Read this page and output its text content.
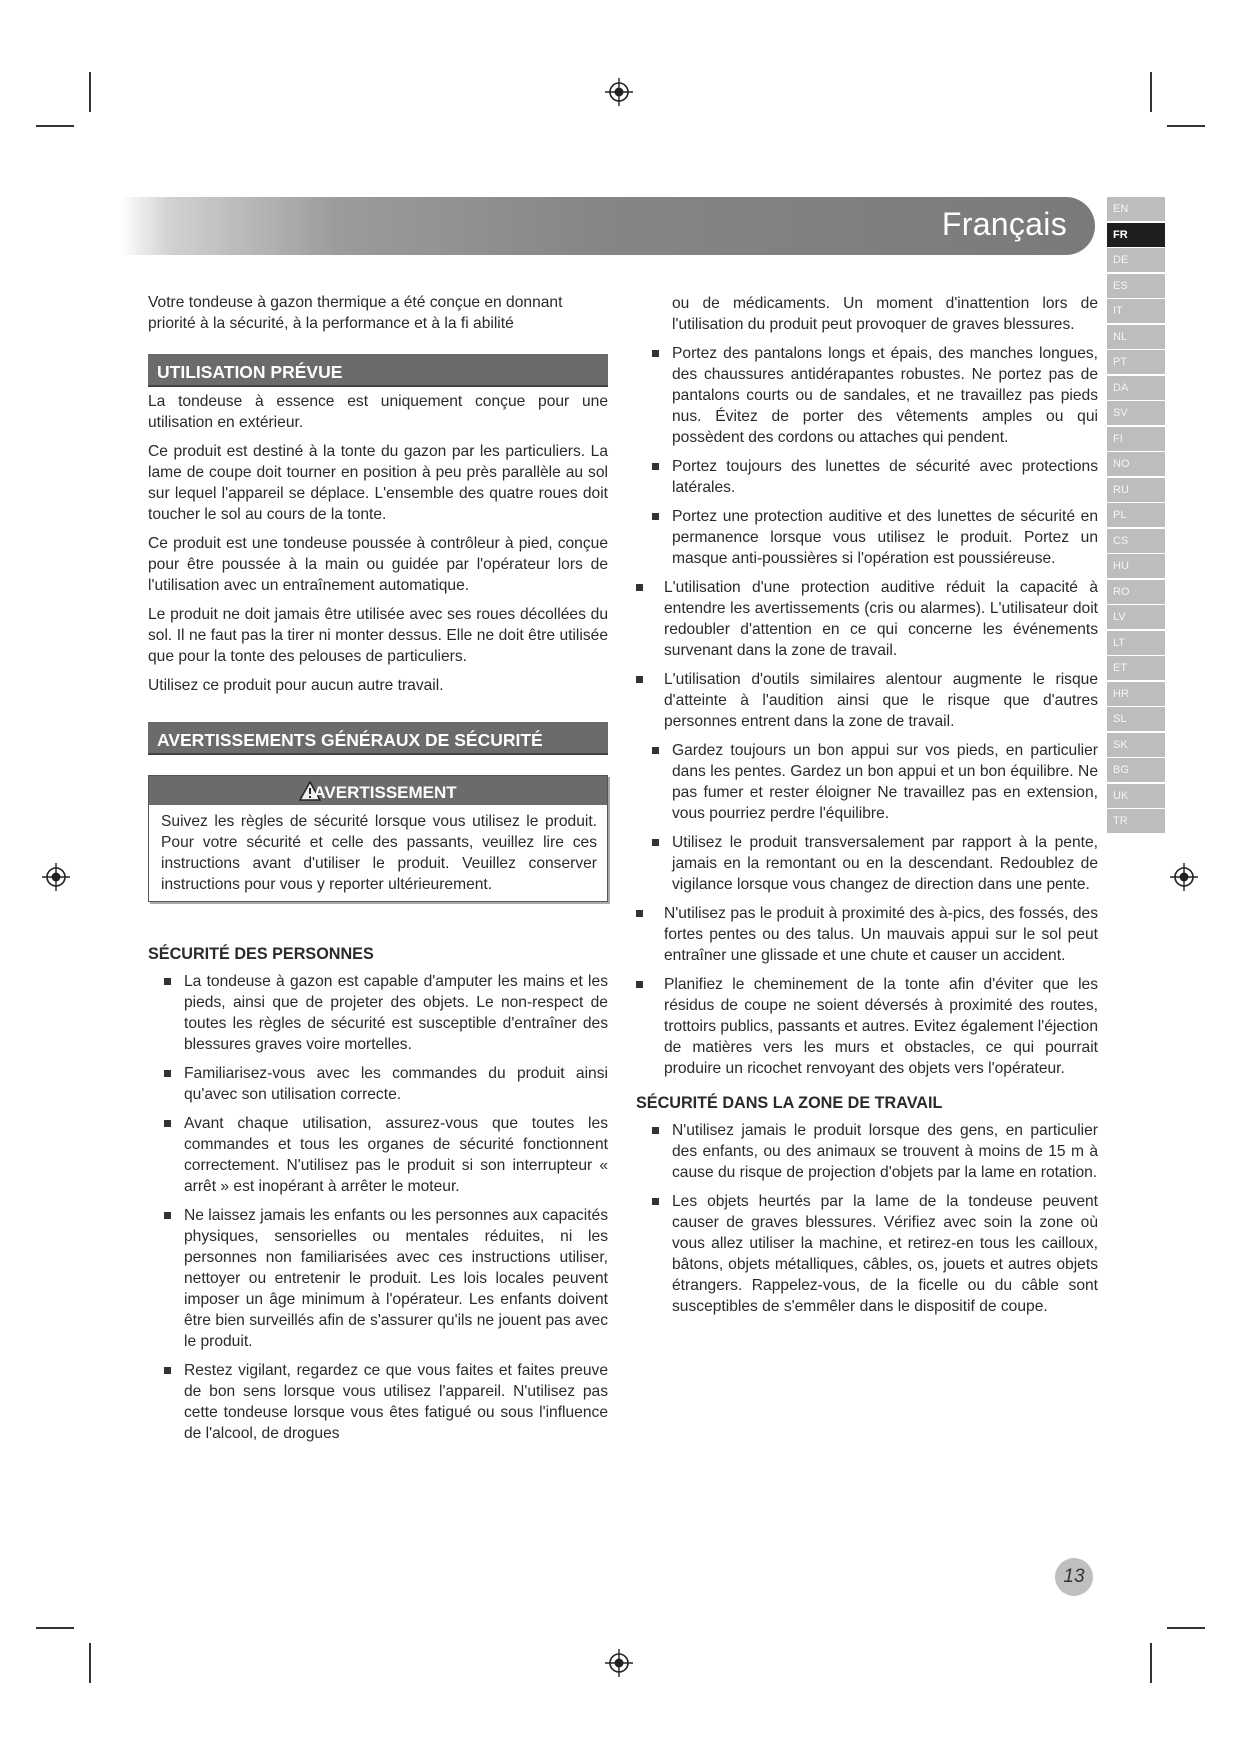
Français	EN
FR
DE
ES
IT
NL
PT
DA
SV
FI
NO
RU
PL
CS
HU
RO
LV
LT
ET
HR
SL
SK
BG
UK
TR

Votre tondeuse à gazon thermique a été conçue en donnant priorité à la sécurité, à la performance et à la fi abilité

UTILISATION PRÉVUE

La tondeuse à essence est uniquement conçue pour une utilisation en extérieur.

Ce produit est destiné à la tonte du gazon par les particuliers. La lame de coupe doit tourner en position à peu près parallèle au sol sur lequel l'appareil se déplace. L'ensemble des quatre roues doit toucher le sol au cours de la tonte.

Ce produit est une tondeuse poussée à contrôleur à pied, conçue pour être poussée à la main ou guidée par l'opérateur lors de l'utilisation avec un entraînement automatique.

Le produit ne doit jamais être utilisée avec ses roues décollées du sol. Il ne faut pas la tirer ni monter dessus. Elle ne doit être utilisée que pour la tonte des pelouses de particuliers.

Utilisez ce produit pour aucun autre travail.

AVERTISSEMENTS GÉNÉRAUX DE SÉCURITÉ
AVERTISSEMENT
Suivez les règles de sécurité lorsque vous utilisez le produit. Pour votre sécurité et celle des passants, veuillez lire ces instructions avant d'utiliser le produit. Veuillez conserver instructions pour vous y reporter ultérieurement.
SÉCURITÉ DES PERSONNES
La tondeuse à gazon est capable d'amputer les mains et les pieds, ainsi que de projeter des objets. Le non-respect de toutes les règles de sécurité est susceptible d'entraîner des blessures graves voire mortelles.
Familiarisez-vous avec les commandes du produit ainsi qu'avec son utilisation correcte.
Avant chaque utilisation, assurez-vous que toutes les commandes et tous les organes de sécurité fonctionnent correctement. N'utilisez pas le produit si son interrupteur « arrêt » est inopérant à arrêter le moteur.
Ne laissez jamais les enfants ou les personnes aux capacités physiques, sensorielles ou mentales réduites, ni les personnes non familiarisées avec ces instructions utiliser, nettoyer ou entretenir le produit. Les lois locales peuvent imposer un âge minimum à l'opérateur. Les enfants doivent être bien surveillés afin de s'assurer qu'ils ne jouent pas avec le produit.
Restez vigilant, regardez ce que vous faites et faites preuve de bon sens lorsque vous utilisez l'appareil. N'utilisez pas cette tondeuse lorsque vous êtes fatigué ou sous l'influence de l'alcool, de drogues

ou de médicaments. Un moment d'inattention lors de l'utilisation du produit peut provoquer de graves blessures.

Portez des pantalons longs et épais, des manches longues, des chaussures antidérapantes robustes. Ne portez pas de pantalons courts ou de sandales, et ne travaillez pas pieds nus. Évitez de porter des vêtements amples ou qui possèdent des cordons ou attaches qui pendent.
Portez toujours des lunettes de sécurité avec protections latérales.
Portez une protection auditive et des lunettes de sécurité en permanence lorsque vous utilisez le produit. Portez un masque anti-poussières si l'opération est poussiéreuse.
L'utilisation d'une protection auditive réduit la capacité à entendre les avertissements (cris ou alarmes). L'utilisateur doit redoubler d'attention en ce qui concerne les événements survenant dans la zone de travail.
L'utilisation d'outils similaires alentour augmente le risque d'atteinte à l'audition ainsi que le risque que d'autres personnes entrent dans la zone de travail.
Gardez toujours un bon appui sur vos pieds, en particulier dans les pentes. Gardez un bon appui et un bon équilibre. Ne pas fumer et rester éloigner Ne travaillez pas en extension, vous pourriez perdre l'équilibre.
Utilisez le produit transversalement par rapport à la pente, jamais en la remontant ou en la descendant. Redoublez de vigilance lorsque vous changez de direction dans une pente.
N'utilisez pas le produit à proximité des à-pics, des fossés, des fortes pentes ou des talus. Un mauvais appui sur le sol peut entraîner une glissade et une chute et causer un accident.
Planifiez le cheminement de la tonte afin d'éviter que les résidus de coupe ne soient déversés à proximité des routes, trottoirs publics, passants et autres. Evitez également l'éjection de matières vers les murs et obstacles, ce qui pourrait produire un ricochet renvoyant des objets vers l'opérateur.
SÉCURITÉ DANS LA ZONE DE TRAVAIL
N'utilisez jamais le produit lorsque des gens, en particulier des enfants, ou des animaux se trouvent à moins de 15 m à cause du risque de projection d'objets par la lame en rotation.
Les objets heurtés par la lame de la tondeuse peuvent causer de graves blessures. Vérifiez avec soin la zone où vous allez utiliser la machine, et retirez-en tous les cailloux, bâtons, objets métalliques, câbles, os, jouets et autres objets étrangers. Rappelez-vous, de la ficelle ou du câble sont susceptibles de s'emmêler dans le dispositif de coupe.
13
